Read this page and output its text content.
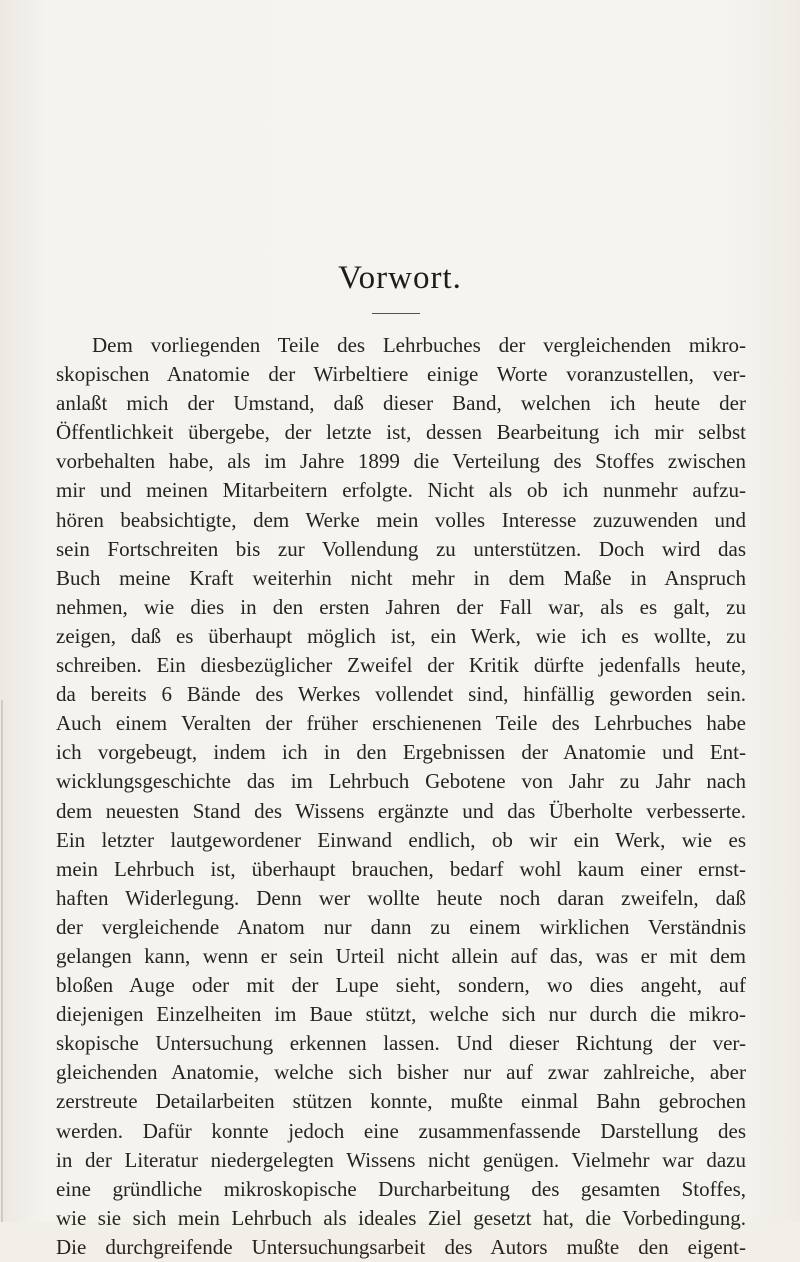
Vorwort.
Dem vorliegenden Teile des Lehrbuches der vergleichenden mikro-
skopischen Anatomie der Wirbeltiere einige Worte voranzustellen, ver-
anlaßt mich der Umstand, daß dieser Band, welchen ich heute der
Öffentlichkeit übergebe, der letzte ist, dessen Bearbeitung ich mir selbst
vorbehalten habe, als im Jahre 1899 die Verteilung des Stoffes zwischen
mir und meinen Mitarbeitern erfolgte. Nicht als ob ich nunmehr aufzu-
hören beabsichtigte, dem Werke mein volles Interesse zuzuwenden und
sein Fortschreiten bis zur Vollendung zu unterstützen. Doch wird das
Buch meine Kraft weiterhin nicht mehr in dem Maße in Anspruch
nehmen, wie dies in den ersten Jahren der Fall war, als es galt, zu
zeigen, daß es überhaupt möglich ist, ein Werk, wie ich es wollte, zu
schreiben. Ein diesbezüglicher Zweifel der Kritik dürfte jedenfalls heute,
da bereits 6 Bände des Werkes vollendet sind, hinfällig geworden sein.
Auch einem Veralten der früher erschienenen Teile des Lehrbuches habe
ich vorgebeugt, indem ich in den Ergebnissen der Anatomie und Ent-
wicklungsgeschichte das im Lehrbuch Gebotene von Jahr zu Jahr nach
dem neuesten Stand des Wissens ergänzte und das Überholte verbesserte.
Ein letzter lautgewordener Einwand endlich, ob wir ein Werk, wie es
mein Lehrbuch ist, überhaupt brauchen, bedarf wohl kaum einer ernst-
haften Widerlegung. Denn wer wollte heute noch daran zweifeln, daß
der vergleichende Anatom nur dann zu einem wirklichen Verständnis
gelangen kann, wenn er sein Urteil nicht allein auf das, was er mit dem
bloßen Auge oder mit der Lupe sieht, sondern, wo dies angeht, auf
diejenigen Einzelheiten im Baue stützt, welche sich nur durch die mikro-
skopische Untersuchung erkennen lassen. Und dieser Richtung der ver-
gleichenden Anatomie, welche sich bisher nur auf zwar zahlreiche, aber
zerstreute Detailarbeiten stützen konnte, mußte einmal Bahn gebrochen
werden. Dafür konnte jedoch eine zusammenfassende Darstellung des
in der Literatur niedergelegten Wissens nicht genügen. Vielmehr war dazu
eine gründliche mikroskopische Durcharbeitung des gesamten Stoffes,
wie sie sich mein Lehrbuch als ideales Ziel gesetzt hat, die Vorbedingung.
Die durchgreifende Untersuchungsarbeit des Autors mußte den eigent-
